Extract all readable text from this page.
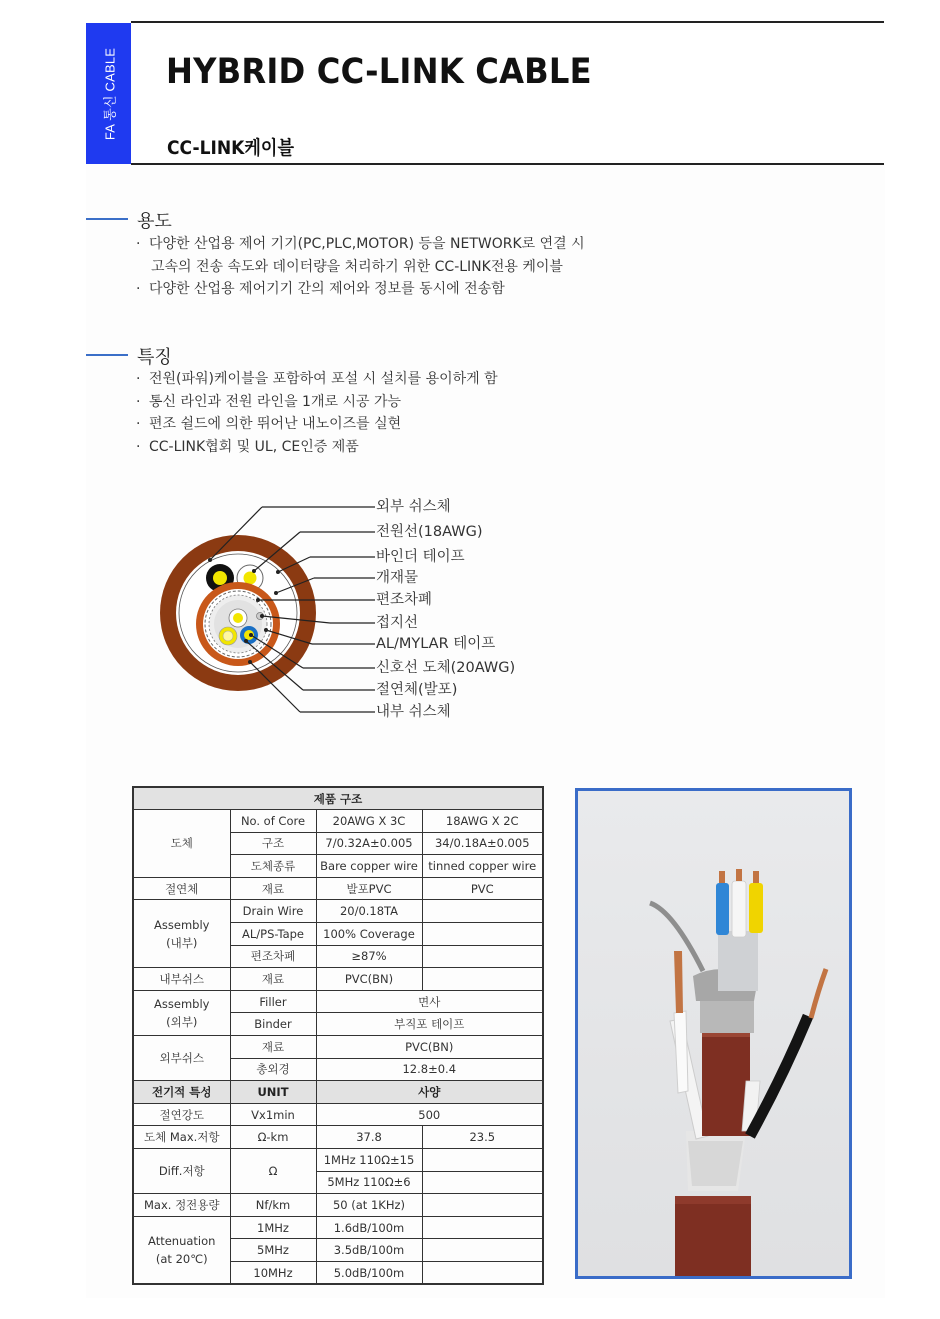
FA 통신 CABLE HYBRID CC-LINK CABLE
CC-LINK케이블
용도
· 다양한 산업용 제어 기기(PC,PLC,MOTOR) 등을 NETWORK로 연결 시
고속의 전송 속도와 데이터량을 처리하기 위한 CC-LINK전용 케이블
· 다양한 산업용 제어기기 간의 제어와 정보를 동시에 전송함
특징
· 전원(파워)케이블을 포함하여 포설 시 설치를 용이하게 함
· 통신 라인과 전원 라인을 1개로 시공 가능
· 편조 쉴드에 의한 뛰어난 내노이즈를 실현
· CC-LINK협회 및 UL, CE인증 제품
외부 쉬스체
전원선(18AWG)
바인더 테이프
개재물
편조차폐
접지선
AL/MYLAR 테이프
신호선 도체(20AWG)
절연체(발포)
내부 쉬스체
제품 구조			
도체	No. of Core	20AWG X 3C	18AWG X 2C
	구조	7/0.32A±0.005	34/0.18A±0.005
	도체종류	Bare copper wire	tinned copper wire
절연체	재료	발포PVC	PVC

Assembly
(내부)	Drain Wire	20/0.18TA	
	AL/PS-Tape	100% Coverage	
	편조차폐	≥87%	
내부쉬스	재료	PVC(BN)	

Assembly
(외부)	Filler	면사	
	Binder	부직포 테이프	
외부쉬스	재료	PVC(BN)	
	총외경	12.8±0.4	
전기적 특성	UNIT	사양	
절연강도	Vx1min	500	
도체 Max.저항	Ω-km	37.8	23.5
Diff.저항	Ω	1MHz 110Ω±15	
		5MHz 110Ω±6	
Max. 정전용량	Nf/km	50 (at 1KHz)	

Attenuation
(at 20℃)	1MHz	1.6dB/100m	
	5MHz	3.5dB/100m	
	10MHz	5.0dB/100m	
